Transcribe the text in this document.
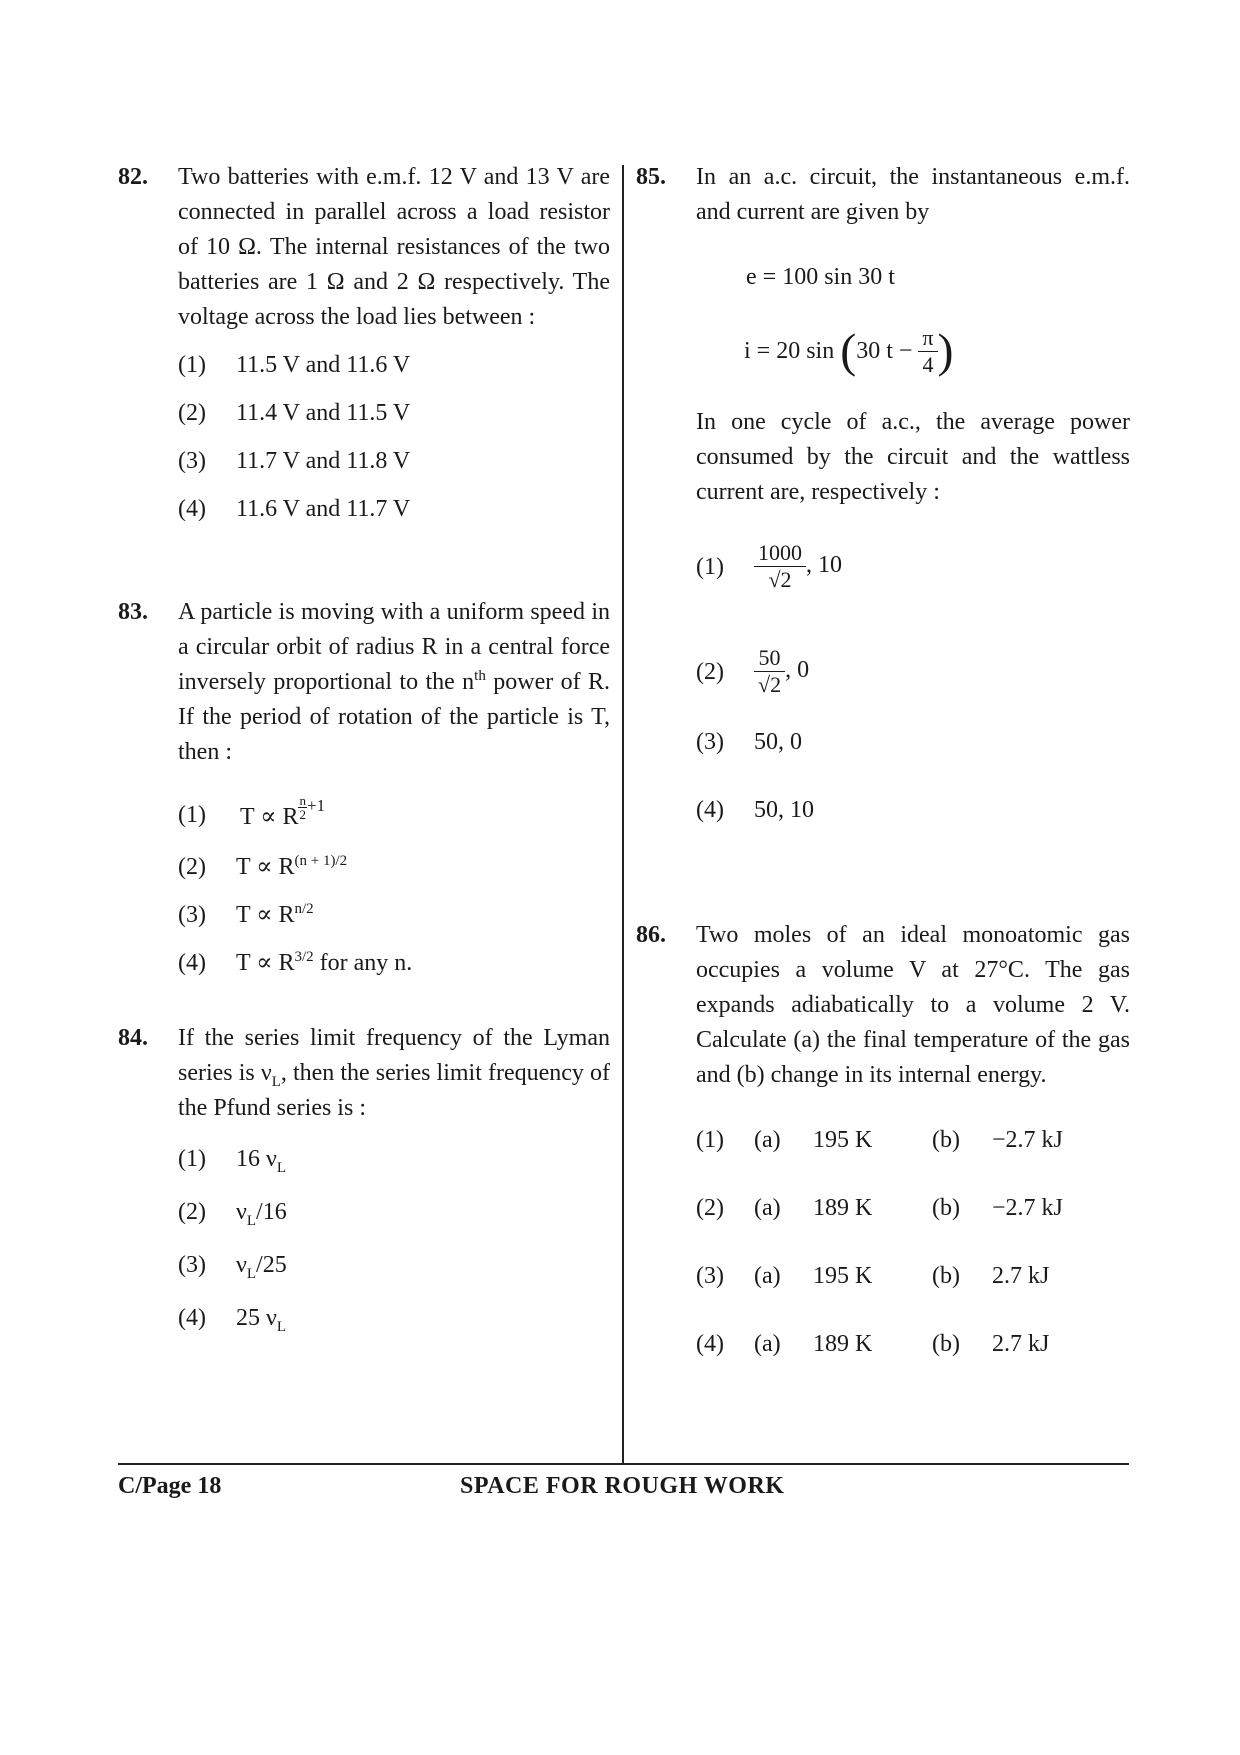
82. Two batteries with e.m.f. 12 V and 13 V are connected in parallel across a load resistor of 10 Ω. The internal resistances of the two batteries are 1 Ω and 2 Ω respectively. The voltage across the load lies between :
(1) 11.5 V and 11.6 V
(2) 11.4 V and 11.5 V
(3) 11.7 V and 11.8 V
(4) 11.6 V and 11.7 V
83. A particle is moving with a uniform speed in a circular orbit of radius R in a central force inversely proportional to the $n^{th}$ power of R. If the period of rotation of the particle is T, then :
(1) T ∝ R $^{\frac{n}{2} +1}$
(2) $T \propto R^{(n + 1)/2}$
(3) $T \propto R^{n/2}$
(4) $T \propto R^{3/2}$ for any n.
84. If the series limit frequency of the Lyman series is $\nu_L$, then the series limit frequency of the Pfund series is :
(1) 16 $\nu_L$
(2) $\nu_L/16$
(3) $\nu_L/25$
(4) 25 $\nu_L$
85. In an a.c. circuit, the instantaneous e.m.f. and current are given by
e = 100 sin 30 t
i = 20 sin (30 $t - \frac{\pi}{4}$ )
In one cycle of a.c., the average power consumed by the circuit and the wattless current are, respectively :
$(1) \frac{1000}{√2}$ , 10
$(2) \frac{50}{√2}$ , 0
(3) 50, 0
(4) 50, 10
86. Two moles of an ideal monoatomic gas occupies a volume V at 27°C. The gas expands adiabatically to a volume 2 V. Calculate (a) the final temperature of the gas and (b) change in its internal energy.
(1) (a) 195 K (b) −2.7 kJ
(2) (a) 189 K (b) −2.7 kJ
(3) (a) 195 K (b) 2.7 kJ
(4) (a) 189 K (b) 2.7 kJ
C/Page 18	SPACE FOR ROUGH WORK
